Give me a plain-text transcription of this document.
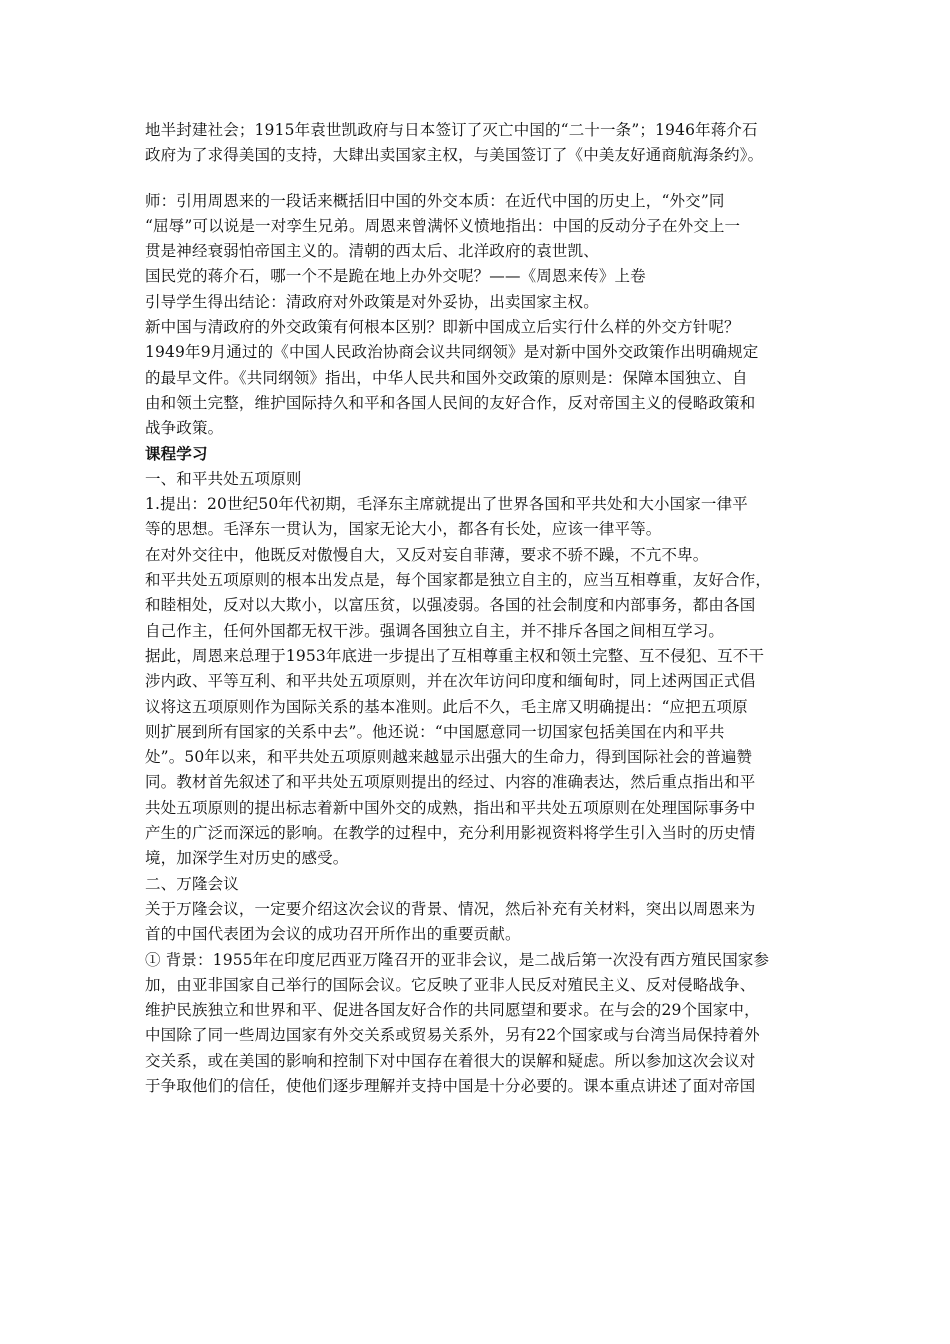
地半封建社会；1915年袁世凯政府与日本签订了灭亡中国的“二十一条”；1946年蒋介石
政府为了求得美国的支持，大肆出卖国家主权，与美国签订了《中美友好通商航海条约》。
师：引用周恩来的一段话来概括旧中国的外交本质：在近代中国的历史上，“外交”同
“屈辱”可以说是一对孪生兄弟。周恩来曾满怀义愤地指出：中国的反动分子在外交上一
贯是神经衰弱怕帝国主义的。清朝的西太后、北洋政府的袁世凯、
国民党的蒋介石，哪一个不是跪在地上办外交呢？——《周恩来传》上卷
引导学生得出结论：清政府对外政策是对外妥协，出卖国家主权。
新中国与清政府的外交政策有何根本区别？即新中国成立后实行什么样的外交方针呢？
1949年9月通过的《中国人民政治协商会议共同纲领》是对新中国外交政策作出明确规定
的最早文件。《共同纲领》指出，中华人民共和国外交政策的原则是：保障本国独立、自
由和领土完整，维护国际持久和平和各国人民间的友好合作，反对帝国主义的侵略政策和
战争政策。
课程学习
一、和平共处五项原则
1.提出：20世纪50年代初期，毛泽东主席就提出了世界各国和平共处和大小国家一律平
等的思想。毛泽东一贯认为，国家无论大小，都各有长处，应该一律平等。
在对外交往中，他既反对傲慢自大，又反对妄自菲薄，要求不骄不躁，不亢不卑。
和平共处五项原则的根本出发点是，每个国家都是独立自主的，应当互相尊重，友好合作，
和睦相处，反对以大欺小，以富压贫，以强凌弱。各国的社会制度和内部事务，都由各国
自己作主，任何外国都无权干涉。强调各国独立自主，并不排斥各国之间相互学习。
据此，周恩来总理于1953年底进一步提出了互相尊重主权和领土完整、互不侵犯、互不干
涉内政、平等互利、和平共处五项原则，并在次年访问印度和缅甸时，同上述两国正式倡
议将这五项原则作为国际关系的基本准则。此后不久，毛主席又明确提出：“应把五项原
则扩展到所有国家的关系中去”。他还说：“中国愿意同一切国家包括美国在内和平共
处”。50年以来，和平共处五项原则越来越显示出强大的生命力，得到国际社会的普遍赞
同。教材首先叙述了和平共处五项原则提出的经过、内容的准确表达，然后重点指出和平
共处五项原则的提出标志着新中国外交的成熟，指出和平共处五项原则在处理国际事务中
产生的广泛而深远的影响。在教学的过程中，充分利用影视资料将学生引入当时的历史情
境，加深学生对历史的感受。
二、万隆会议
关于万隆会议，一定要介绍这次会议的背景、情况，然后补充有关材料，突出以周恩来为
首的中国代表团为会议的成功召开所作出的重要贡献。
① 背景：1955年在印度尼西亚万隆召开的亚非会议，是二战后第一次没有西方殖民国家参
加，由亚非国家自己举行的国际会议。它反映了亚非人民反对殖民主义、反对侵略战争、
维护民族独立和世界和平、促进各国友好合作的共同愿望和要求。在与会的29个国家中，
中国除了同一些周边国家有外交关系或贸易关系外，另有22个国家或与台湾当局保持着外
交关系，或在美国的影响和控制下对中国存在着很大的误解和疑虑。所以参加这次会议对
于争取他们的信任，使他们逐步理解并支持中国是十分必要的。课本重点讲述了面对帝国
